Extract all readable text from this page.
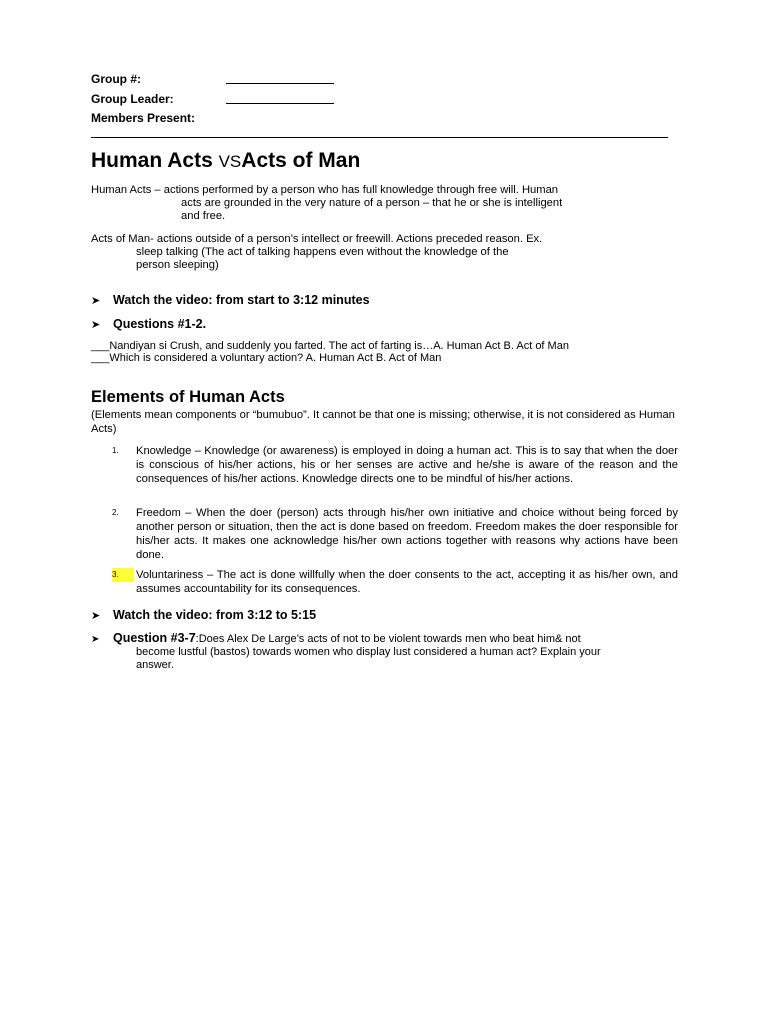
Group #:
Group Leader:
Members Present:
Human Acts VSActs of Man
Human Acts – actions performed by a person who has full knowledge through free will. Human
acts are grounded in the very nature of a person – that he or she is intelligent
and free.
Acts of Man- actions outside of a person’s intellect or freewill. Actions preceded reason. Ex.
sleep talking (The act of talking happens even without the knowledge of the
person sleeping)
➤ Watch the video: from start to 3:12 minutes
➤ Questions #1-2.
___Nandiyan si Crush, and suddenly you farted. The act of farting is…A. Human Act B. Act of Man
___Which is considered a voluntary action? A. Human Act B. Act of Man
Elements of Human Acts
(Elements mean components or “bumubuo”. It cannot be that one is missing; otherwise, it is not considered as Human Acts)
1.	Knowledge – Knowledge (or awareness) is employed in doing a human act. This is to say that when the doer is conscious of his/her actions, his or her senses are active and he/she is aware of the reason and the consequences of his/her actions. Knowledge directs one to be mindful of his/her actions.
2.	Freedom – When the doer (person) acts through his/her own initiative and choice without being forced by another person or situation, then the act is done based on freedom. Freedom makes the doer responsible for his/her acts. It makes one acknowledge his/her own actions together with reasons why actions have been done.
3.	Voluntariness – The act is done willfully when the doer consents to the act, accepting it as his/her own, and assumes accountability for its consequences.
➤ Watch the video: from 3:12 to 5:15
➤ Question #3-7:Does Alex De Large’s acts of not to be violent towards men who beat him& not
become lustful (bastos) towards women who display lust considered a human act? Explain your
answer.
